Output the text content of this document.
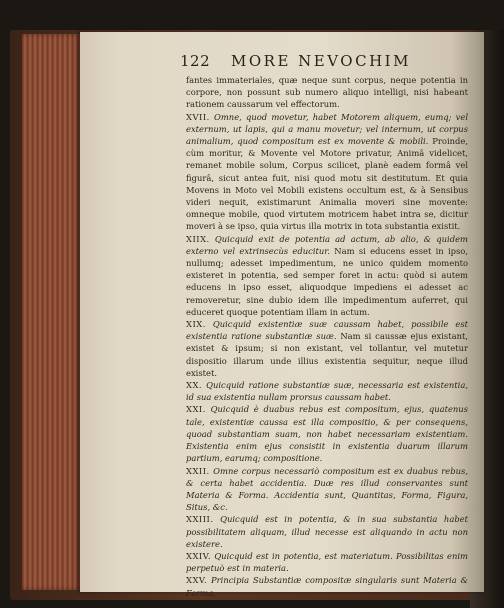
122 MORE NEVOCHIM

fantes immateriales, quæ neque sunt corpus, neque potentia in corpore, non possunt sub numero aliquo intelligi, nisi habeant rationem caussarum vel effectorum.

XVII. Omne, quod movetur, habet Motorem aliquem, eumq; vel externum, ut lapis, qui a manu movetur; vel internum, ut corpus animalium, quod compositum est ex movente & mobili. Proinde, cùm moritur, & Movente vel Motore privatur, Animâ videlicet, remanet mobile solum, Corpus scilicet, planè eadem formâ vel figurâ, sicut antea fuit, nisi quod motu sit destitutum. Et quia Movens in Moto vel Mobili existens occultum est, & à Sensibus videri nequit, existimarunt Animalia moveri sine movente: omneque mobile, quod virtutem motricem habet intra se, dicitur moveri à se ipso, quia virtus illa motrix in tota substantia existit.

XIIX. Quicquid exit de potentia ad actum, ab alio, & quidem externo vel extrinsecùs educitur. Nam si educens esset in ipso, nullumq; adesset impedimentum, ne unico quidem momento existeret in potentia, sed semper foret in actu: quòd si autem educens in ipso esset, aliquodque impediens ei adesset ac removeretur, sine dubio idem ille impedimentum auferret, qui educeret quoque potentiam illam in actum.

XIX. Quicquid existentiæ suæ caussam habet, possibile est existentia ratione substantiæ suæ. Nam si caussæ ejus existant, existet & ipsum; si non existant, vel tollantur, vel mutetur dispositio illarum unde illius existentia sequitur, neque illud existet.

XX. Quicquid ratione substantiæ suæ, necessaria est existentia, id sua existentia nullam prorsus caussam habet.

XXI. Quicquid è duabus rebus est compositum, ejus, quatenus tale, existentiæ caussa est illa compositio, & per consequens, quoad substantiam suam, non habet necessariam existentiam. Existentia enim ejus consistit in existentia duarum illarum partium, earumq; compositione.

XXII. Omne corpus necessariò compositum est ex duabus rebus, & certa habet accidentia. Duæ res illud conservantes sunt Materia & Forma. Accidentia sunt, Quantitas, Forma, Figura, Situs, &c.

XXIII. Quicquid est in potentia, & in sua substantia habet possibilitatem aliquam, illud necesse est aliquando in actu non existere.

XXIV. Quicquid est in potentia, est materiatum. Possibilitas enim perpetuò est in materia.

XXV. Principia Substantiæ compositæ singularis sunt Materia & Forma,
